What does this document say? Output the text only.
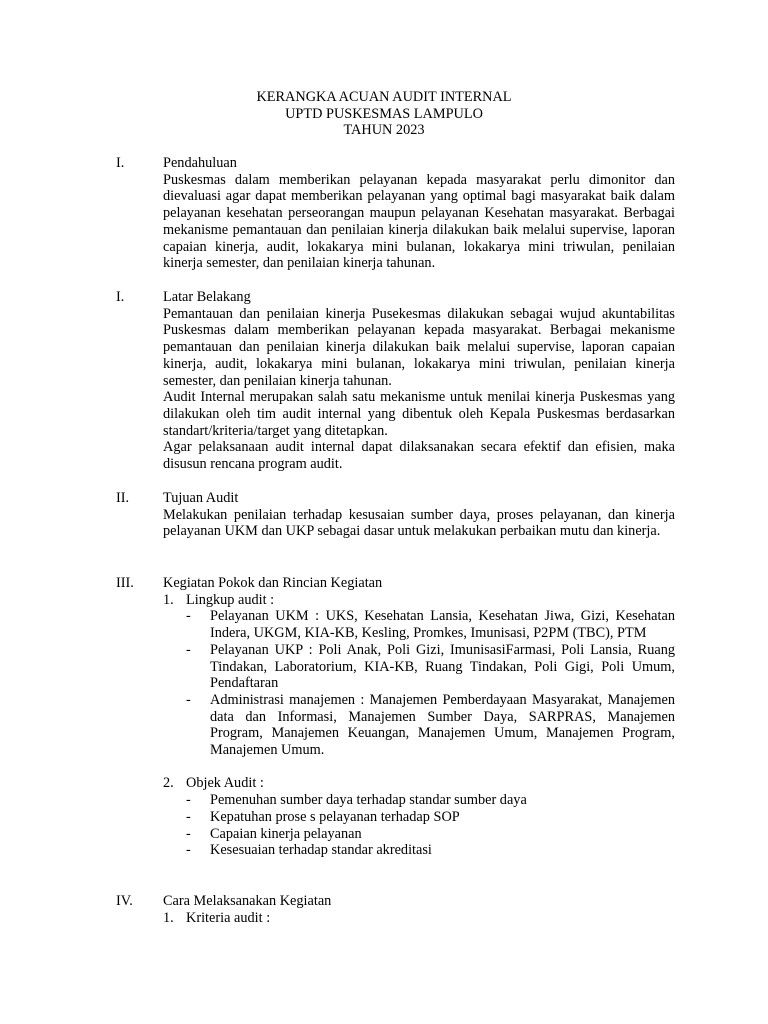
KERANGKA ACUAN AUDIT INTERNAL
UPTD PUSKESMAS LAMPULO
TAHUN 2023
I.	Pendahuluan
Puskesmas dalam memberikan pelayanan kepada masyarakat perlu dimonitor dan dievaluasi agar dapat memberikan pelayanan yang optimal bagi masyarakat baik dalam pelayanan kesehatan perseorangan maupun pelayanan Kesehatan masyarakat. Berbagai mekanisme pemantauan dan penilaian kinerja dilakukan baik melalui supervise, laporan capaian kinerja, audit, lokakarya mini bulanan, lokakarya mini triwulan, penilaian kinerja semester, dan penilaian kinerja tahunan.
I.	Latar Belakang
Pemantauan dan penilaian kinerja Pusekesmas dilakukan sebagai wujud akuntabilitas Puskesmas dalam memberikan pelayanan kepada masyarakat. Berbagai mekanisme pemantauan dan penilaian kinerja dilakukan baik melalui supervise, laporan capaian kinerja, audit, lokakarya mini bulanan, lokakarya mini triwulan, penilaian kinerja semester, dan penilaian kinerja tahunan.
Audit Internal merupakan salah satu mekanisme untuk menilai kinerja Puskesmas yang dilakukan oleh tim audit internal yang dibentuk oleh Kepala Puskesmas berdasarkan standart/kriteria/target yang ditetapkan.
Agar pelaksanaan audit internal dapat dilaksanakan secara efektif dan efisien, maka disusun rencana program audit.
II. Tujuan Audit
Melakukan penilaian terhadap kesusaian sumber daya, proses pelayanan, dan kinerja pelayanan UKM dan UKP sebagai dasar untuk melakukan perbaikan mutu dan kinerja.
III. Kegiatan Pokok dan Rincian Kegiatan
1. Lingkup audit :
- Pelayanan UKM : UKS, Kesehatan Lansia, Kesehatan Jiwa, Gizi, Kesehatan Indera, UKGM, KIA-KB, Kesling, Promkes, Imunisasi, P2PM (TBC), PTM
- Pelayanan UKP : Poli Anak, Poli Gizi, ImunisasiFarmasi, Poli Lansia, Ruang Tindakan, Laboratorium, KIA-KB, Ruang Tindakan, Poli Gigi, Poli Umum, Pendaftaran
- Administrasi manajemen : Manajemen Pemberdayaan Masyarakat, Manajemen data dan Informasi, Manajemen Sumber Daya, SARPRAS, Manajemen Program, Manajemen Keuangan, Manajemen Umum, Manajemen Program, Manajemen Umum.
2. Objek Audit :
- Pemenuhan sumber daya terhadap standar sumber daya
- Kepatuhan prose s pelayanan terhadap SOP
- Capaian kinerja pelayanan
- Kesesuaian terhadap standar akreditasi
IV. Cara Melaksanakan Kegiatan
1. Kriteria audit :
